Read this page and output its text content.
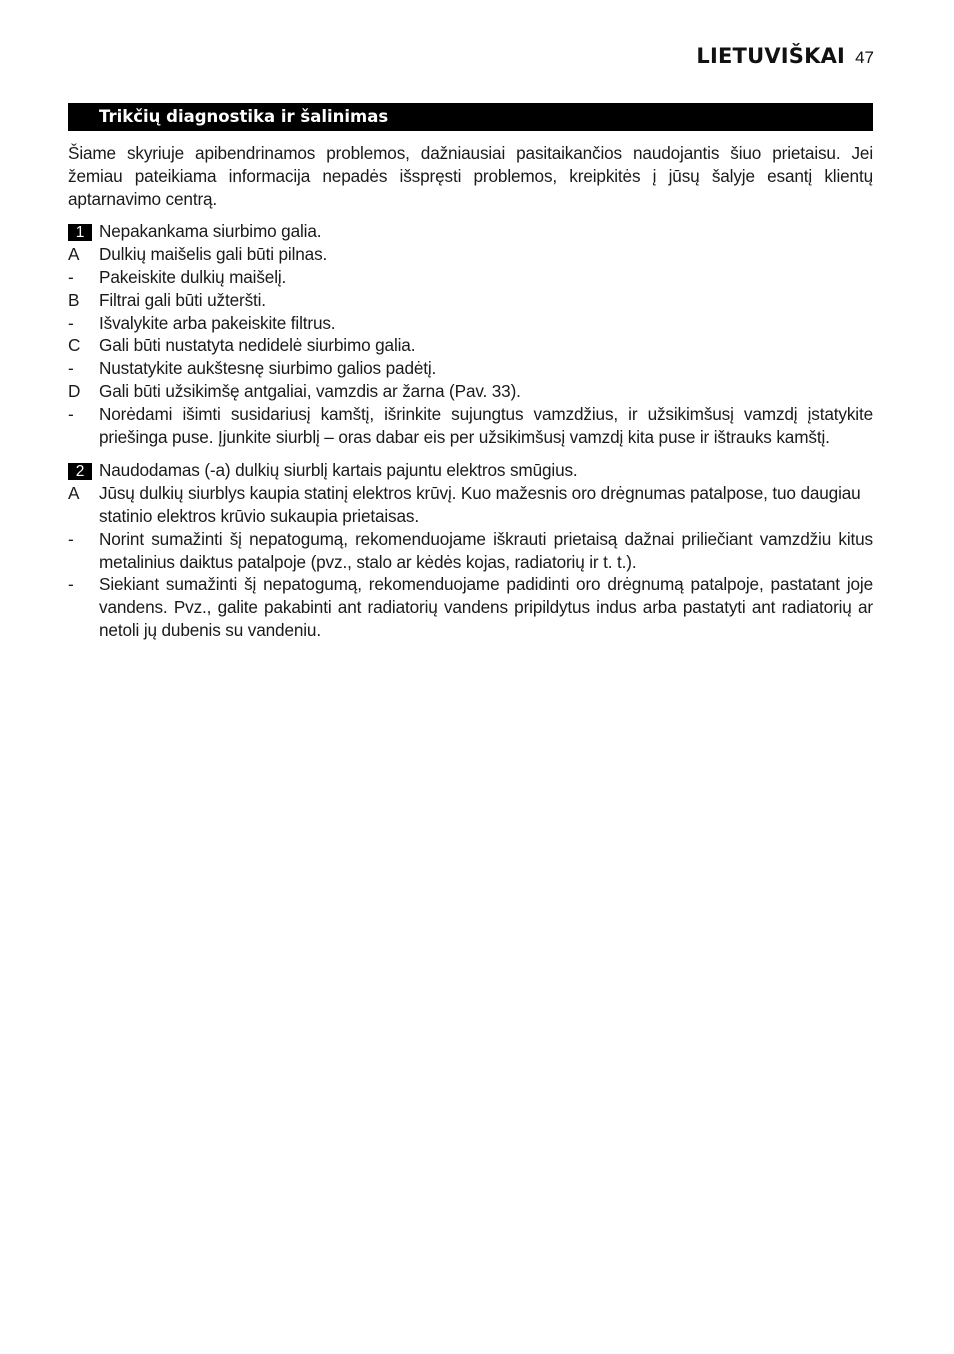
LIETUVIŠKAI 47
Trikčių diagnostika ir šalinimas

Šiame skyriuje apibendrinamos problemos, dažniausiai pasitaikančios naudojantis šiuo prietaisu. Jei žemiau pateikiama informacija nepadės išspręsti problemos, kreipkitės į jūsų šalyje esantį klientų aptarnavimo centrą.

1 Nepakankama siurbimo galia.
A	Dulkių maišelis gali būti pilnas.
-	Pakeiskite dulkių maišelį.
B	Filtrai gali būti užteršti.
-	Išvalykite arba pakeiskite filtrus.
C	Gali būti nustatyta nedidelė siurbimo galia.
-	Nustatykite aukštesnę siurbimo galios padėtį.
D	Gali būti užsikimšę antgaliai, vamzdis ar žarna (Pav. 33).
-	Norėdami išimti susidariusį kamštį, išrinkite sujungtus vamzdžius, ir užsikimšusį vamzdį įstatykite priešinga puse. Įjunkite siurblį – oras dabar eis per užsikimšusį vamzdį kita puse ir ištrauks kamštį.
2 Naudodamas (-a) dulkių siurblį kartais pajuntu elektros smūgius.
A	Jūsų dulkių siurblys kaupia statinį elektros krūvį. Kuo mažesnis oro drėgnumas patalpose, tuo daugiau statinio elektros krūvio sukaupia prietaisas.
-	Norint sumažinti šį nepatogumą, rekomenduojame iškrauti prietaisą dažnai priliečiant vamzdžiu kitus metalinius daiktus patalpoje (pvz., stalo ar kėdės kojas, radiatorių ir t. t.).
-	Siekiant sumažinti šį nepatogumą, rekomenduojame padidinti oro drėgnumą patalpoje, pastatant joje vandens. Pvz., galite pakabinti ant radiatorių vandens pripildytus indus arba pastatyti ant radiatorių ar netoli jų dubenis su vandeniu.
